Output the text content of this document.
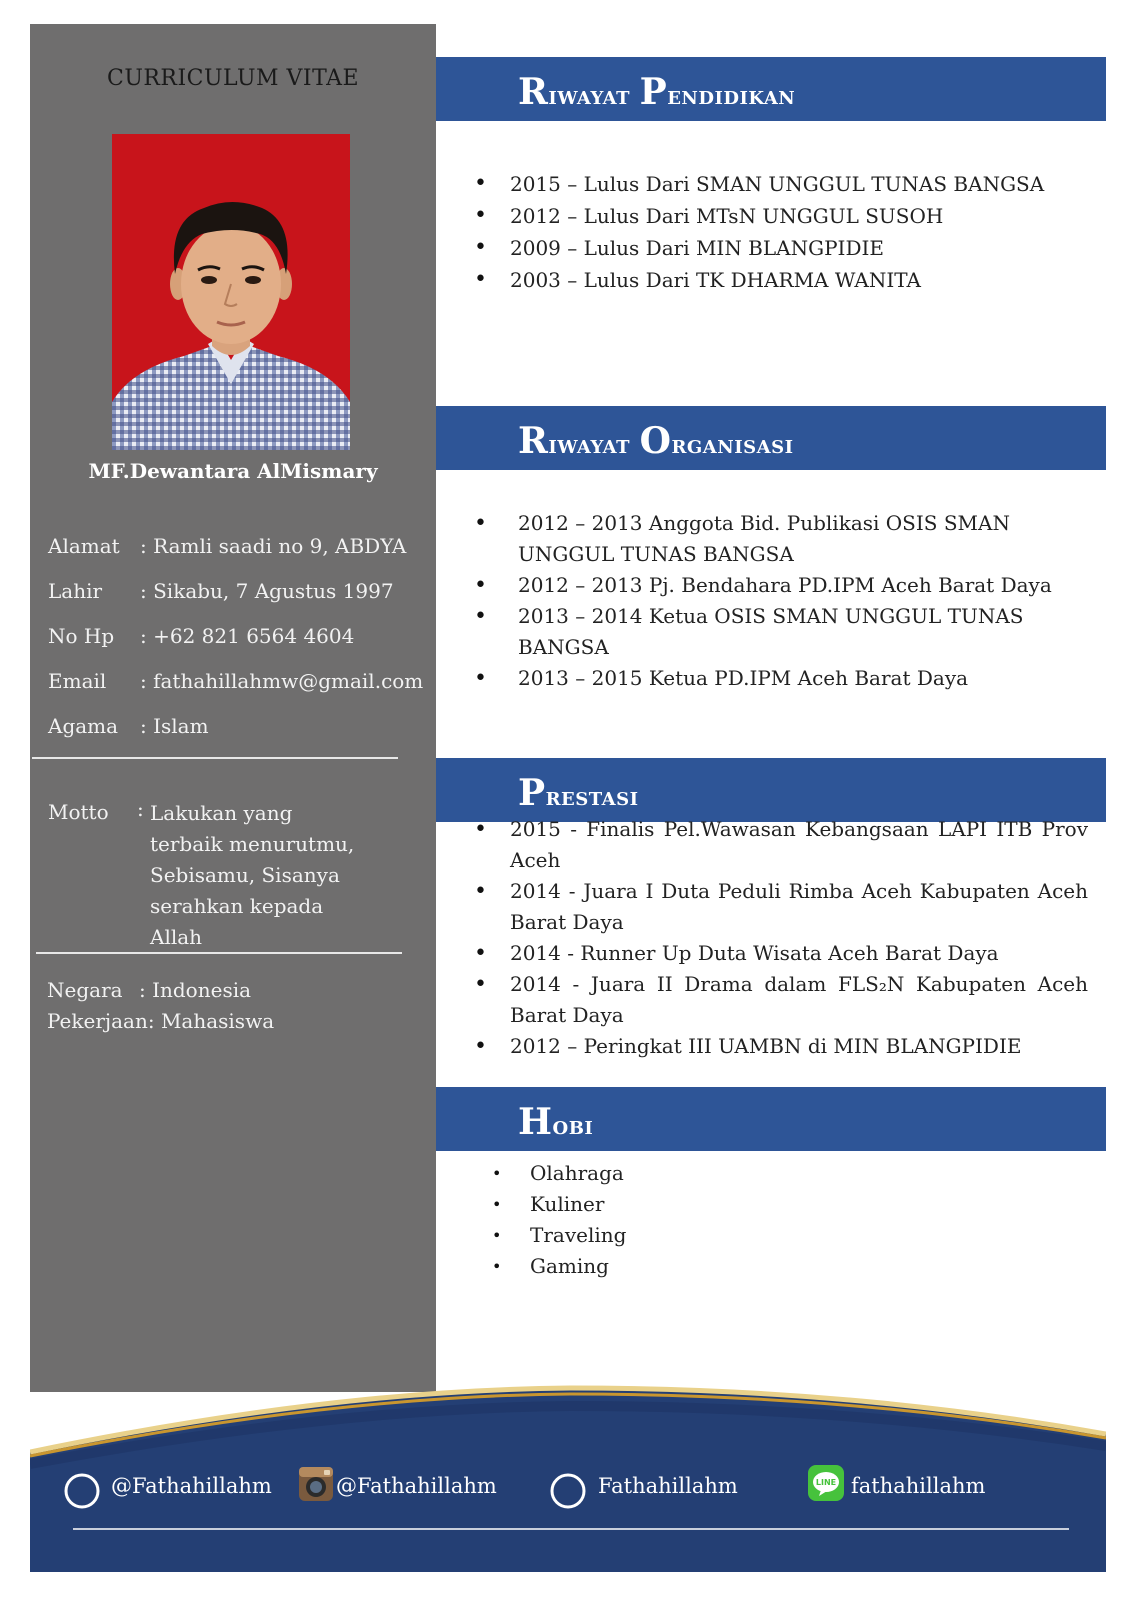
CURRICULUM VITAE
MF.Dewantara AlMismary
Alamat : Ramli saadi no 9, ABDYA
Lahir : Sikabu, 7 Agustus 1997
No Hp : +62 821 6564 4604
Email : fathahillahmw@gmail.com
Agama : Islam
Motto : Lakukan yang
terbaik menurutmu,
Sebisamu, Sisanya
serahkan kepada
Allah
Negara : Indonesia
Pekerjaan: Mahasiswa
Riwayat Pendidikan
• 2015 – Lulus Dari SMAN UNGGUL TUNAS BANGSA
• 2012 – Lulus Dari MTsN UNGGUL SUSOH
• 2009 – Lulus Dari MIN BLANGPIDIE
• 2003 – Lulus Dari TK DHARMA WANITA
Riwayat Organisasi
• 2012 – 2013 Anggota Bid. Publikasi OSIS SMAN UNGGUL TUNAS BANGSA
• 2012 – 2013 Pj. Bendahara PD.IPM Aceh Barat Daya
• 2013 – 2014 Ketua OSIS SMAN UNGGUL TUNAS BANGSA
• 2013 – 2015 Ketua PD.IPM Aceh Barat Daya
Prestasi
• 2015 - Finalis Pel.Wawasan Kebangsaan LAPI ITB Prov Aceh
• 2014 - Juara I Duta Peduli Rimba Aceh Kabupaten Aceh Barat Daya
• 2014 - Runner Up Duta Wisata Aceh Barat Daya
• 2014 - Juara II Drama dalam FLS₂N Kabupaten Aceh Barat Daya
• 2012 – Peringkat III UAMBN di MIN BLANGPIDIE
Hobi
• Olahraga
• Kuliner
• Traveling
• Gaming
@Fathahillahm	@Fathahillahm	Fathahillahm	LINE fathahillahm
